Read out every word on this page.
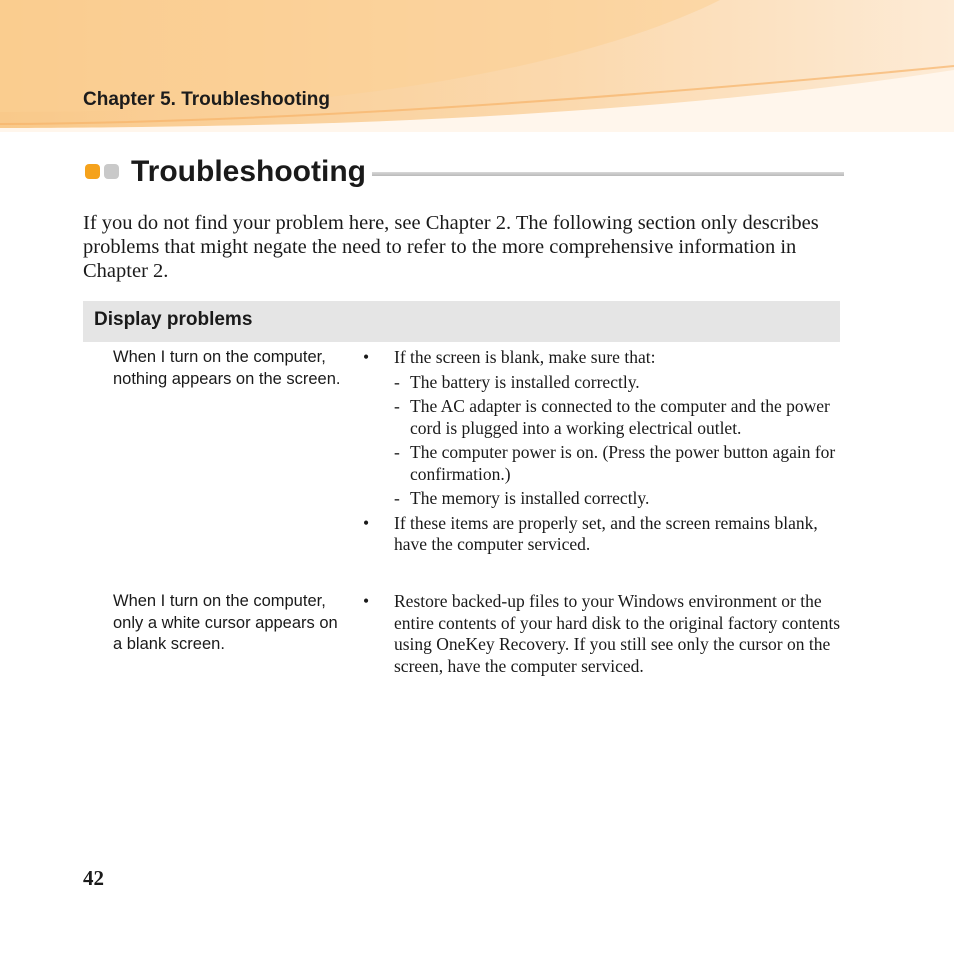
Chapter 5. Troubleshooting
Troubleshooting

If you do not find your problem here, see Chapter 2. The following section only describes problems that might negate the need to refer to the more comprehensive information in Chapter 2.

Display problems
When I turn on the computer, nothing appears on the screen.
• If the screen is blank, make sure that:
- The battery is installed correctly.
- The AC adapter is connected to the computer and the power cord is plugged into a working electrical outlet.
- The computer power is on. (Press the power button again for confirmation.)
- The memory is installed correctly.
• If these items are properly set, and the screen remains blank, have the computer serviced.
When I turn on the computer, only a white cursor appears on a blank screen.
• Restore backed-up files to your Windows environment or the entire contents of your hard disk to the original factory contents using OneKey Recovery. If you still see only the cursor on the screen, have the computer serviced.
42
